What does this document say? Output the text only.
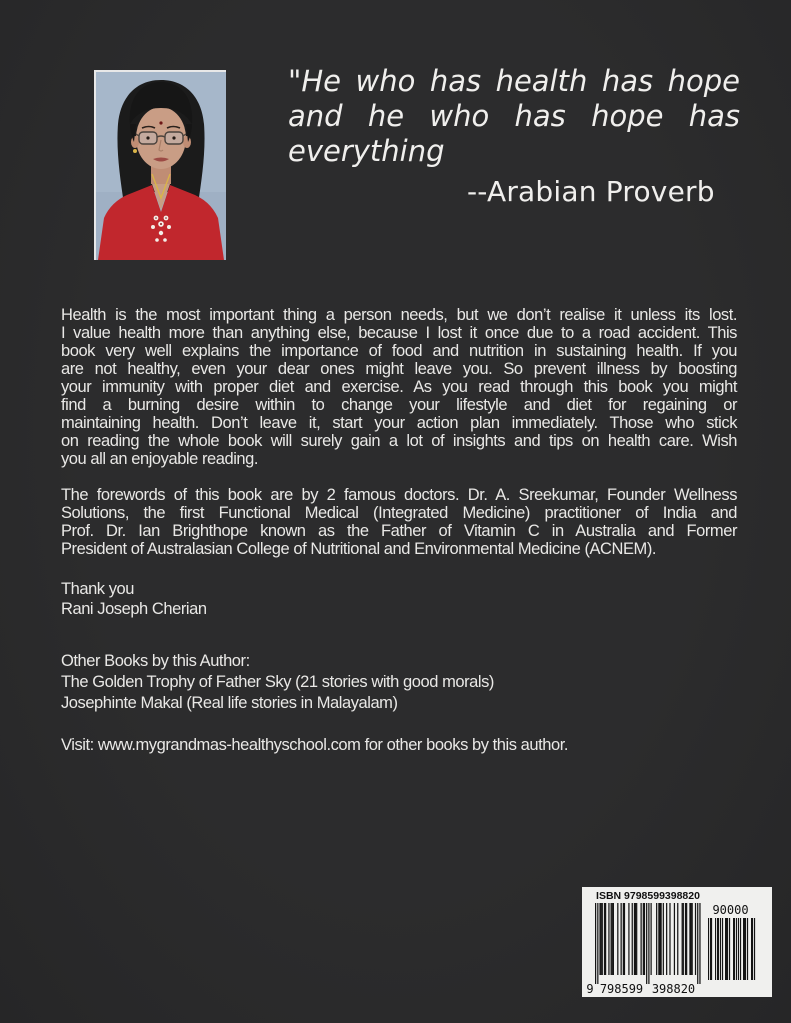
"He who has health has hope
and he who has hope has
everything
--Arabian Proverb
Health is the most important thing a person needs, but we don’t realise it unless its lost.
I value health more than anything else, because I lost it once due to a road accident. This
book very well explains the importance of food and nutrition in sustaining health. If you
are not healthy, even your dear ones might leave you. So prevent illness by boosting
your immunity with proper diet and exercise. As you read through this book you might
find a burning desire within to change your lifestyle and diet for regaining or
maintaining health. Don’t leave it, start your action plan immediately. Those who stick
on reading the whole book will surely gain a lot of insights and tips on health care. Wish
you all an enjoyable reading.
The forewords of this book are by 2 famous doctors. Dr. A. Sreekumar, Founder Wellness
Solutions, the first Functional Medical (Integrated Medicine) practitioner of India and
Prof. Dr. Ian Brighthope known as the Father of Vitamin C in Australia and Former
President of Australasian College of Nutritional and Environmental Medicine (ACNEM).
Thank you
Rani Joseph Cherian
Other Books by this Author:
The Golden Trophy of Father Sky (21 stories with good morals)
Josephinte Makal (Real life stories in Malayalam)
Visit: www.mygrandmas-healthyschool.com for other books by this author.
ISBN 9798599398820
9 798599 398820
90000
